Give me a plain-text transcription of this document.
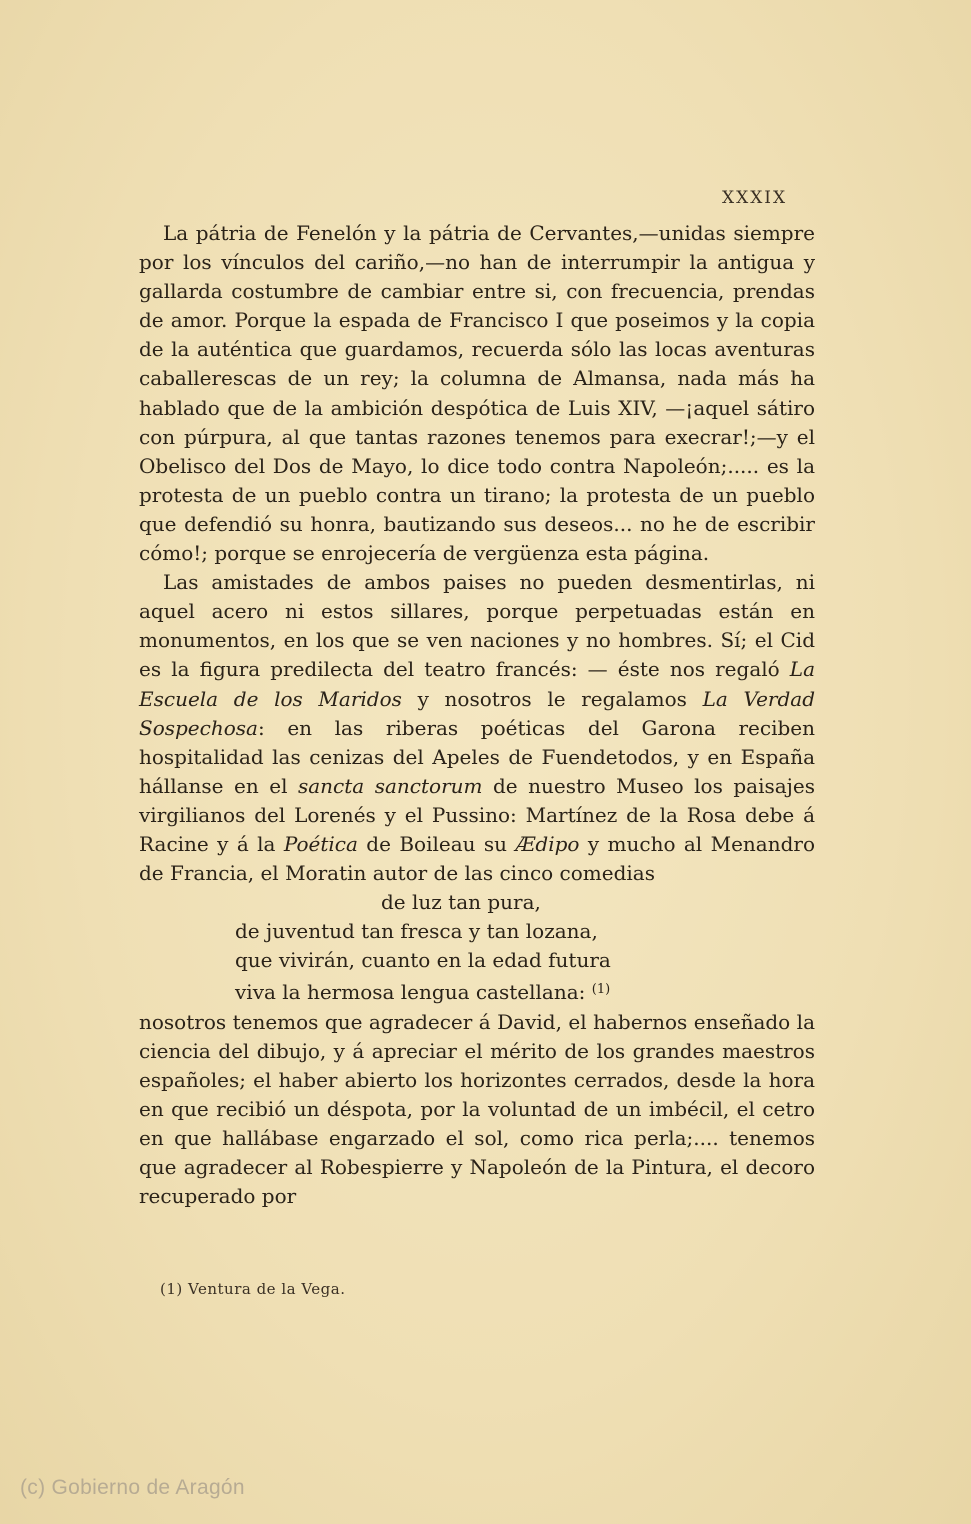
XXXIX

La pátria de Fenelón y la pátria de Cervantes,—unidas siempre por los vínculos del cariño,—no han de interrumpir la antigua y gallarda costumbre de cambiar entre si, con frecuencia, prendas de amor. Porque la espada de Francisco I que poseimos y la copia de la auténtica que guardamos, recuerda sólo las locas aventuras caballerescas de un rey; la columna de Almansa, nada más ha hablado que de la ambición despótica de Luis XIV, —¡aquel sátiro con púrpura, al que tantas razones tenemos para execrar!;—y el Obelisco del Dos de Mayo, lo dice todo contra Napoleón;..... es la protesta de un pueblo contra un tirano; la protesta de un pueblo que defendió su honra, bautizando sus deseos... no he de escribir cómo!; porque se enrojecería de vergüenza esta página.

Las amistades de ambos paises no pueden desmentirlas, ni aquel acero ni estos sillares, porque perpetuadas están en monumentos, en los que se ven naciones y no hombres. Sí; el Cid es la figura predilecta del teatro francés: — éste nos regaló La Escuela de los Maridos y nosotros le regalamos La Verdad Sospechosa: en las riberas poéticas del Garona reciben hospitalidad las cenizas del Apeles de Fuendetodos, y en España hállanse en el sancta sanctorum de nuestro Museo los paisajes virgilianos del Lorenés y el Pussino: Martínez de la Rosa debe á Racine y á la Poética de Boileau su Ædipo y mucho al Menandro de Francia, el Moratin autor de las cinco comedias

de luz tan pura,
de juventud tan fresca y tan lozana,
que vivirán, cuanto en la edad futura
viva la hermosa lengua castellana: $^{(1)}$

nosotros tenemos que agradecer á David, el habernos enseñado la ciencia del dibujo, y á apreciar el mérito de los grandes maestros españoles; el haber abierto los horizontes cerrados, desde la hora en que recibió un déspota, por la voluntad de un imbécil, el cetro en que hallábase engarzado el sol, como rica perla;.... tenemos que agradecer al Robespierre y Napoleón de la Pintura, el decoro recuperado por

(1) Ventura de la Vega.
(c) Gobierno de Aragón
